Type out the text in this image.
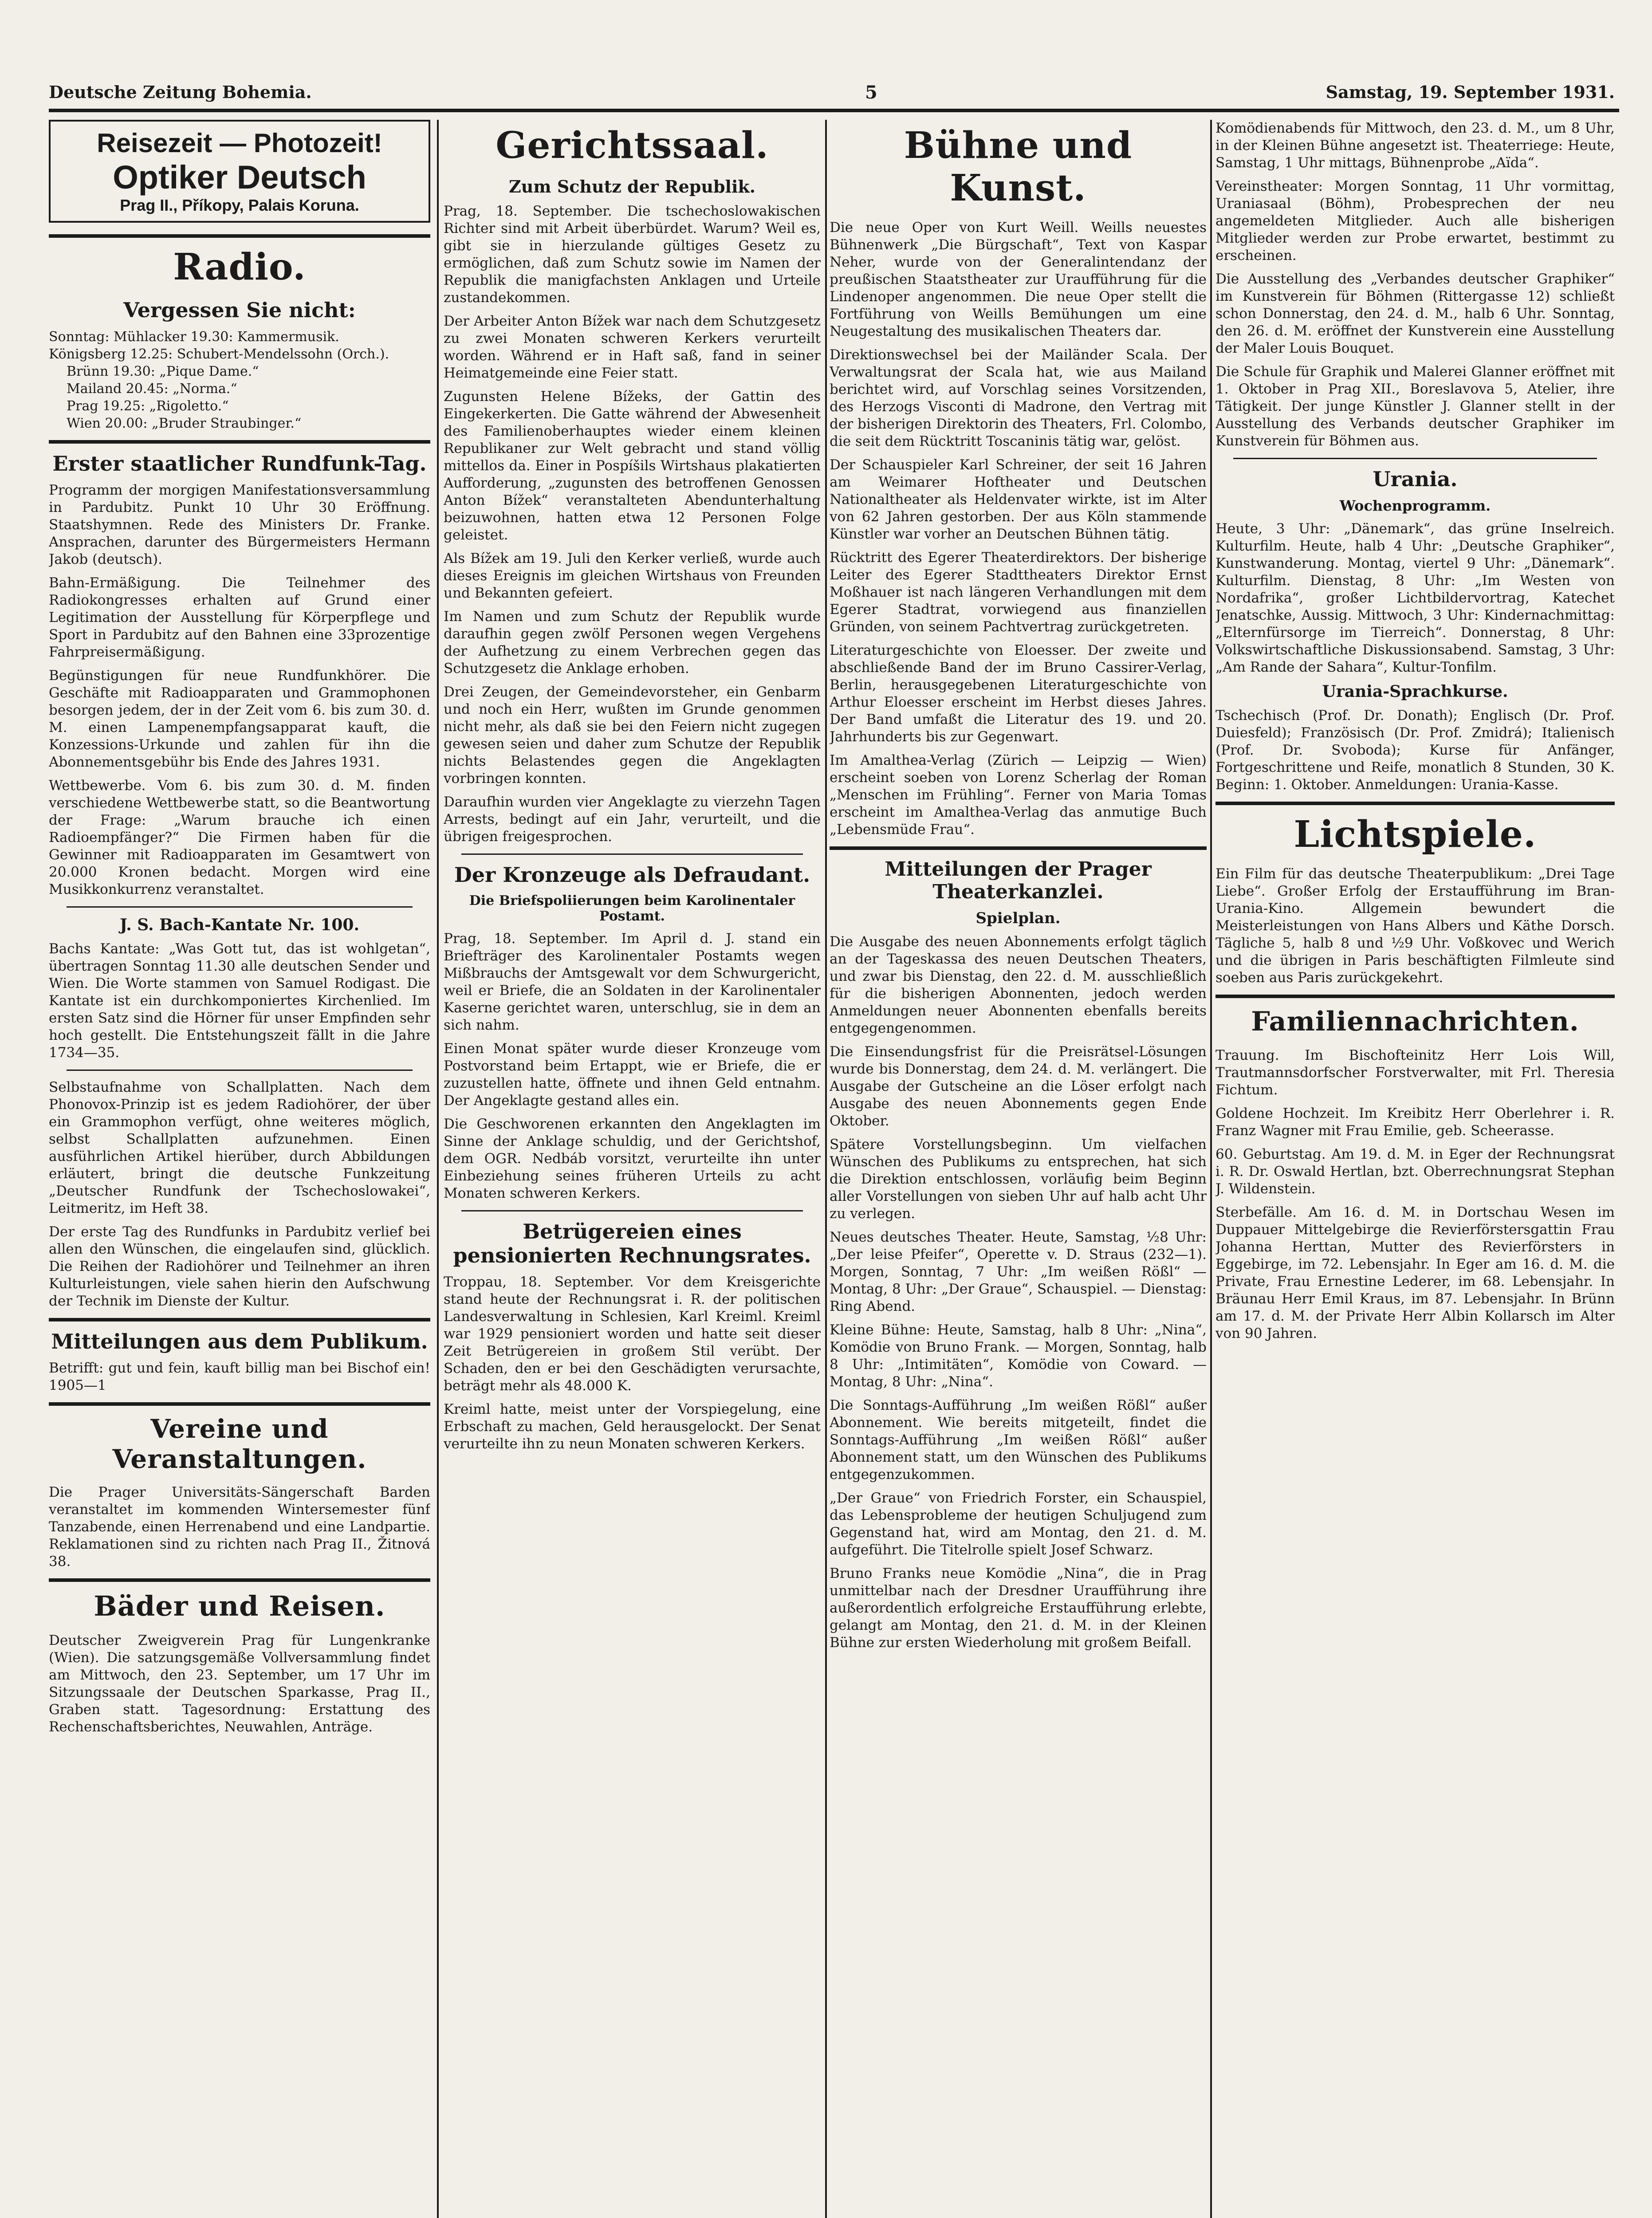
Deutsche Zeitung Bohemia.	5	Samstag, 19. September 1931.
Reisezeit — Photozeit!
Optiker Deutsch
Prag II., Příkopy, Palais Koruna.
Radio.
Vergessen Sie nicht:
Sonntag: Mühlacker 19.30: Kammermusik.
Königsberg 12.25: Schubert-Mendelssohn (Orch.).
Brünn 19.30: „Pique Dame.“
Mailand 20.45: „Norma.“
Prag 19.25: „Rigoletto.“
Wien 20.00: „Bruder Straubinger.“
Erster staatlicher Rundfunk-Tag.

Programm der morgigen Manifestationsversammlung in Pardubitz. Punkt 10 Uhr 30 Eröffnung. Staatshymnen. Rede des Ministers Dr. Franke. Ansprachen, darunter des Bürgermeisters Hermann Jakob (deutsch).

Bahn-Ermäßigung. Die Teilnehmer des Radiokongresses erhalten auf Grund einer Legitimation der Ausstellung für Körperpflege und Sport in Pardubitz auf den Bahnen eine 33prozentige Fahrpreisermäßigung.

Begünstigungen für neue Rundfunkhörer. Die Geschäfte mit Radioapparaten und Grammophonen besorgen jedem, der in der Zeit vom 6. bis zum 30. d. M. einen Lampenempfangsapparat kauft, die Konzessions-Urkunde und zahlen für ihn die Abonnementsgebühr bis Ende des Jahres 1931.

Wettbewerbe. Vom 6. bis zum 30. d. M. finden verschiedene Wettbewerbe statt, so die Beantwortung der Frage: „Warum brauche ich einen Radioempfänger?“ Die Firmen haben für die Gewinner mit Radioapparaten im Gesamtwert von 20.000 Kronen bedacht. Morgen wird eine Musikkonkurrenz veranstaltet.

J. S. Bach-Kantate Nr. 100.

Bachs Kantate: „Was Gott tut, das ist wohlgetan“, übertragen Sonntag 11.30 alle deutschen Sender und Wien. Die Worte stammen von Samuel Rodigast. Die Kantate ist ein durchkomponiertes Kirchenlied. Im ersten Satz sind die Hörner für unser Empfinden sehr hoch gestellt. Die Entstehungszeit fällt in die Jahre 1734—35.

Selbstaufnahme von Schallplatten. Nach dem Phonovox-Prinzip ist es jedem Radiohörer, der über ein Grammophon verfügt, ohne weiteres möglich, selbst Schallplatten aufzunehmen. Einen ausführlichen Artikel hierüber, durch Abbildungen erläutert, bringt die deutsche Funkzeitung „Deutscher Rundfunk der Tschechoslowakei“, Leitmeritz, im Heft 38.

Der erste Tag des Rundfunks in Pardubitz verlief bei allen den Wünschen, die eingelaufen sind, glücklich. Die Reihen der Radiohörer und Teilnehmer an ihren Kulturleistungen, viele sahen hierin den Aufschwung der Technik im Dienste der Kultur.

Mitteilungen aus dem Publikum.

Betrifft: gut und fein, kauft billig man bei Bischof ein! 1905—1

Vereine und Veranstaltungen.

Die Prager Universitäts-Sängerschaft Barden veranstaltet im kommenden Wintersemester fünf Tanzabende, einen Herrenabend und eine Landpartie. Reklamationen sind zu richten nach Prag II., Žitnová 38.

Bäder und Reisen.

Deutscher Zweigverein Prag für Lungenkranke (Wien). Die satzungsgemäße Vollversammlung findet am Mittwoch, den 23. September, um 17 Uhr im Sitzungssaale der Deutschen Sparkasse, Prag II., Graben statt. Tagesordnung: Erstattung des Rechenschaftsberichtes, Neuwahlen, Anträge.

Gerichtssaal.
Zum Schutz der Republik.

Prag, 18. September. Die tschechoslowakischen Richter sind mit Arbeit überbürdet. Warum? Weil es, gibt sie in hierzulande gültiges Gesetz zu ermöglichen, daß zum Schutz sowie im Namen der Republik die manigfachsten Anklagen und Urteile zustandekommen.

Der Arbeiter Anton Bížek war nach dem Schutzgesetz zu zwei Monaten schweren Kerkers verurteilt worden. Während er in Haft saß, fand in seiner Heimatgemeinde eine Feier statt.

Zugunsten Helene Bížeks, der Gattin des Eingekerkerten. Die Gatte während der Abwesenheit des Familienoberhauptes wieder einem kleinen Republikaner zur Welt gebracht und stand völlig mittellos da. Einer in Pospíšils Wirtshaus plakatierten Aufforderung, „zugunsten des betroffenen Genossen Anton Bížek“ veranstalteten Abendunterhaltung beizuwohnen, hatten etwa 12 Personen Folge geleistet.

Als Bížek am 19. Juli den Kerker verließ, wurde auch dieses Ereignis im gleichen Wirtshaus von Freunden und Bekannten gefeiert.

Im Namen und zum Schutz der Republik wurde daraufhin gegen zwölf Personen wegen Vergehens der Aufhetzung zu einem Verbrechen gegen das Schutzgesetz die Anklage erhoben.

Drei Zeugen, der Gemeindevorsteher, ein Genbarm und noch ein Herr, wußten im Grunde genommen nicht mehr, als daß sie bei den Feiern nicht zugegen gewesen seien und daher zum Schutze der Republik nichts Belastendes gegen die Angeklagten vorbringen konnten.

Daraufhin wurden vier Angeklagte zu vierzehn Tagen Arrests, bedingt auf ein Jahr, verurteilt, und die übrigen freigesprochen.

Der Kronzeuge als Defraudant.
Die Briefspoliierungen beim Karolinentaler Postamt.

Prag, 18. September. Im April d. J. stand ein Briefträger des Karolinentaler Postamts wegen Mißbrauchs der Amtsgewalt vor dem Schwurgericht, weil er Briefe, die an Soldaten in der Karolinentaler Kaserne gerichtet waren, unterschlug, sie in dem an sich nahm.

Einen Monat später wurde dieser Kronzeuge vom Postvorstand beim Ertappt, wie er Briefe, die er zuzustellen hatte, öffnete und ihnen Geld entnahm. Der Angeklagte gestand alles ein.

Die Geschworenen erkannten den Angeklagten im Sinne der Anklage schuldig, und der Gerichtshof, dem OGR. Nedbáb vorsitzt, verurteilte ihn unter Einbeziehung seines früheren Urteils zu acht Monaten schweren Kerkers.

Betrügereien eines pensionierten Rechnungsrates.

Troppau, 18. September. Vor dem Kreisgerichte stand heute der Rechnungsrat i. R. der politischen Landesverwaltung in Schlesien, Karl Kreiml. Kreiml war 1929 pensioniert worden und hatte seit dieser Zeit Betrügereien in großem Stil verübt. Der Schaden, den er bei den Geschädigten verursachte, beträgt mehr als 48.000 K.

Kreiml hatte, meist unter der Vorspiegelung, eine Erbschaft zu machen, Geld herausgelockt. Der Senat verurteilte ihn zu neun Monaten schweren Kerkers.

Bühne und Kunst.

Die neue Oper von Kurt Weill. Weills neuestes Bühnenwerk „Die Bürgschaft“, Text von Kaspar Neher, wurde von der Generalintendanz der preußischen Staatstheater zur Uraufführung für die Lindenoper angenommen. Die neue Oper stellt die Fortführung von Weills Bemühungen um eine Neugestaltung des musikalischen Theaters dar.

Direktionswechsel bei der Mailänder Scala. Der Verwaltungsrat der Scala hat, wie aus Mailand berichtet wird, auf Vorschlag seines Vorsitzenden, des Herzogs Visconti di Madrone, den Vertrag mit der bisherigen Direktorin des Theaters, Frl. Colombo, die seit dem Rücktritt Toscaninis tätig war, gelöst.

Der Schauspieler Karl Schreiner, der seit 16 Jahren am Weimarer Hoftheater und Deutschen Nationaltheater als Heldenvater wirkte, ist im Alter von 62 Jahren gestorben. Der aus Köln stammende Künstler war vorher an Deutschen Bühnen tätig.

Rücktritt des Egerer Theaterdirektors. Der bisherige Leiter des Egerer Stadttheaters Direktor Ernst Moßhauer ist nach längeren Verhandlungen mit dem Egerer Stadtrat, vorwiegend aus finanziellen Gründen, von seinem Pachtvertrag zurückgetreten.

Literaturgeschichte von Eloesser. Der zweite und abschließende Band der im Bruno Cassirer-Verlag, Berlin, herausgegebenen Literaturgeschichte von Arthur Eloesser erscheint im Herbst dieses Jahres. Der Band umfaßt die Literatur des 19. und 20. Jahrhunderts bis zur Gegenwart.

Im Amalthea-Verlag (Zürich — Leipzig — Wien) erscheint soeben von Lorenz Scherlag der Roman „Menschen im Frühling“. Ferner von Maria Tomas erscheint im Amalthea-Verlag das anmutige Buch „Lebensmüde Frau“.

Mitteilungen der Prager Theaterkanzlei.
Spielplan.

Die Ausgabe des neuen Abonnements erfolgt täglich an der Tageskassa des neuen Deutschen Theaters, und zwar bis Dienstag, den 22. d. M. ausschließlich für die bisherigen Abonnenten, jedoch werden Anmeldungen neuer Abonnenten ebenfalls bereits entgegengenommen.

Die Einsendungsfrist für die Preisrätsel-Lösungen wurde bis Donnerstag, dem 24. d. M. verlängert. Die Ausgabe der Gutscheine an die Löser erfolgt nach Ausgabe des neuen Abonnements gegen Ende Oktober.

Spätere Vorstellungsbeginn. Um vielfachen Wünschen des Publikums zu entsprechen, hat sich die Direktion entschlossen, vorläufig beim Beginn aller Vorstellungen von sieben Uhr auf halb acht Uhr zu verlegen.

Neues deutsches Theater. Heute, Samstag, ½8 Uhr: „Der leise Pfeifer“, Operette v. D. Straus (232—1). Morgen, Sonntag, 7 Uhr: „Im weißen Rößl“ — Montag, 8 Uhr: „Der Graue“, Schauspiel. — Dienstag: Ring Abend.

Kleine Bühne: Heute, Samstag, halb 8 Uhr: „Nina“, Komödie von Bruno Frank. — Morgen, Sonntag, halb 8 Uhr: „Intimitäten“, Komödie von Coward. — Montag, 8 Uhr: „Nina“.

Die Sonntags-Aufführung „Im weißen Rößl“ außer Abonnement. Wie bereits mitgeteilt, findet die Sonntags-Aufführung „Im weißen Rößl“ außer Abonnement statt, um den Wünschen des Publikums entgegenzukommen.

„Der Graue“ von Friedrich Forster, ein Schauspiel, das Lebensprobleme der heutigen Schuljugend zum Gegenstand hat, wird am Montag, den 21. d. M. aufgeführt. Die Titelrolle spielt Josef Schwarz.

Bruno Franks neue Komödie „Nina“, die in Prag unmittelbar nach der Dresdner Uraufführung ihre außerordentlich erfolgreiche Erstaufführung erlebte, gelangt am Montag, den 21. d. M. in der Kleinen Bühne zur ersten Wiederholung mit großem Beifall.

Komödienabends für Mittwoch, den 23. d. M., um 8 Uhr, in der Kleinen Bühne angesetzt ist. Theaterriege: Heute, Samstag, 1 Uhr mittags, Bühnenprobe „Aïda“.

Vereinstheater: Morgen Sonntag, 11 Uhr vormittag, Uraniasaal (Böhm), Probesprechen der neu angemeldeten Mitglieder. Auch alle bisherigen Mitglieder werden zur Probe erwartet, bestimmt zu erscheinen.

Die Ausstellung des „Verbandes deutscher Graphiker“ im Kunstverein für Böhmen (Rittergasse 12) schließt schon Donnerstag, den 24. d. M., halb 6 Uhr. Sonntag, den 26. d. M. eröffnet der Kunstverein eine Ausstellung der Maler Louis Bouquet.

Die Schule für Graphik und Malerei Glanner eröffnet mit 1. Oktober in Prag XII., Boreslavova 5, Atelier, ihre Tätigkeit. Der junge Künstler J. Glanner stellt in der Ausstellung des Verbands deutscher Graphiker im Kunstverein für Böhmen aus.

Urania.
Wochenprogramm.

Heute, 3 Uhr: „Dänemark“, das grüne Inselreich. Kulturfilm. Heute, halb 4 Uhr: „Deutsche Graphiker“, Kunstwanderung. Montag, viertel 9 Uhr: „Dänemark“. Kulturfilm. Dienstag, 8 Uhr: „Im Westen von Nordafrika“, großer Lichtbildervortrag, Katechet Jenatschke, Aussig. Mittwoch, 3 Uhr: Kindernachmittag: „Elternfürsorge im Tierreich“. Donnerstag, 8 Uhr: Volkswirtschaftliche Diskussionsabend. Samstag, 3 Uhr: „Am Rande der Sahara“, Kultur-Tonfilm.

Urania-Sprachkurse.

Tschechisch (Prof. Dr. Donath); Englisch (Dr. Prof. Duiesfeld); Französisch (Dr. Prof. Zmidrá); Italienisch (Prof. Dr. Svoboda); Kurse für Anfänger, Fortgeschrittene und Reife, monatlich 8 Stunden, 30 K. Beginn: 1. Oktober. Anmeldungen: Urania-Kasse.

Lichtspiele.

Ein Film für das deutsche Theaterpublikum: „Drei Tage Liebe“. Großer Erfolg der Erstaufführung im Bran-Urania-Kino. Allgemein bewundert die Meisterleistungen von Hans Albers und Käthe Dorsch. Tägliche 5, halb 8 und ½9 Uhr. Voßkovec und Werich und die übrigen in Paris beschäftigten Filmleute sind soeben aus Paris zurückgekehrt.

Familiennachrichten.

Trauung. Im Bischofteinitz Herr Lois Will, Trautmannsdorfscher Forstverwalter, mit Frl. Theresia Fichtum.

Goldene Hochzeit. Im Kreibitz Herr Oberlehrer i. R. Franz Wagner mit Frau Emilie, geb. Scheerasse.

60. Geburtstag. Am 19. d. M. in Eger der Rechnungsrat i. R. Dr. Oswald Hertlan, bzt. Oberrechnungsrat Stephan J. Wildenstein.

Sterbefälle. Am 16. d. M. in Dortschau Wesen im Duppauer Mittelgebirge die Revierförstersgattin Frau Johanna Herttan, Mutter des Revierförsters in Eggebirge, im 72. Lebensjahr. In Eger am 16. d. M. die Private, Frau Ernestine Lederer, im 68. Lebensjahr. In Bräunau Herr Emil Kraus, im 87. Lebensjahr. In Brünn am 17. d. M. der Private Herr Albin Kollarsch im Alter von 90 Jahren.
